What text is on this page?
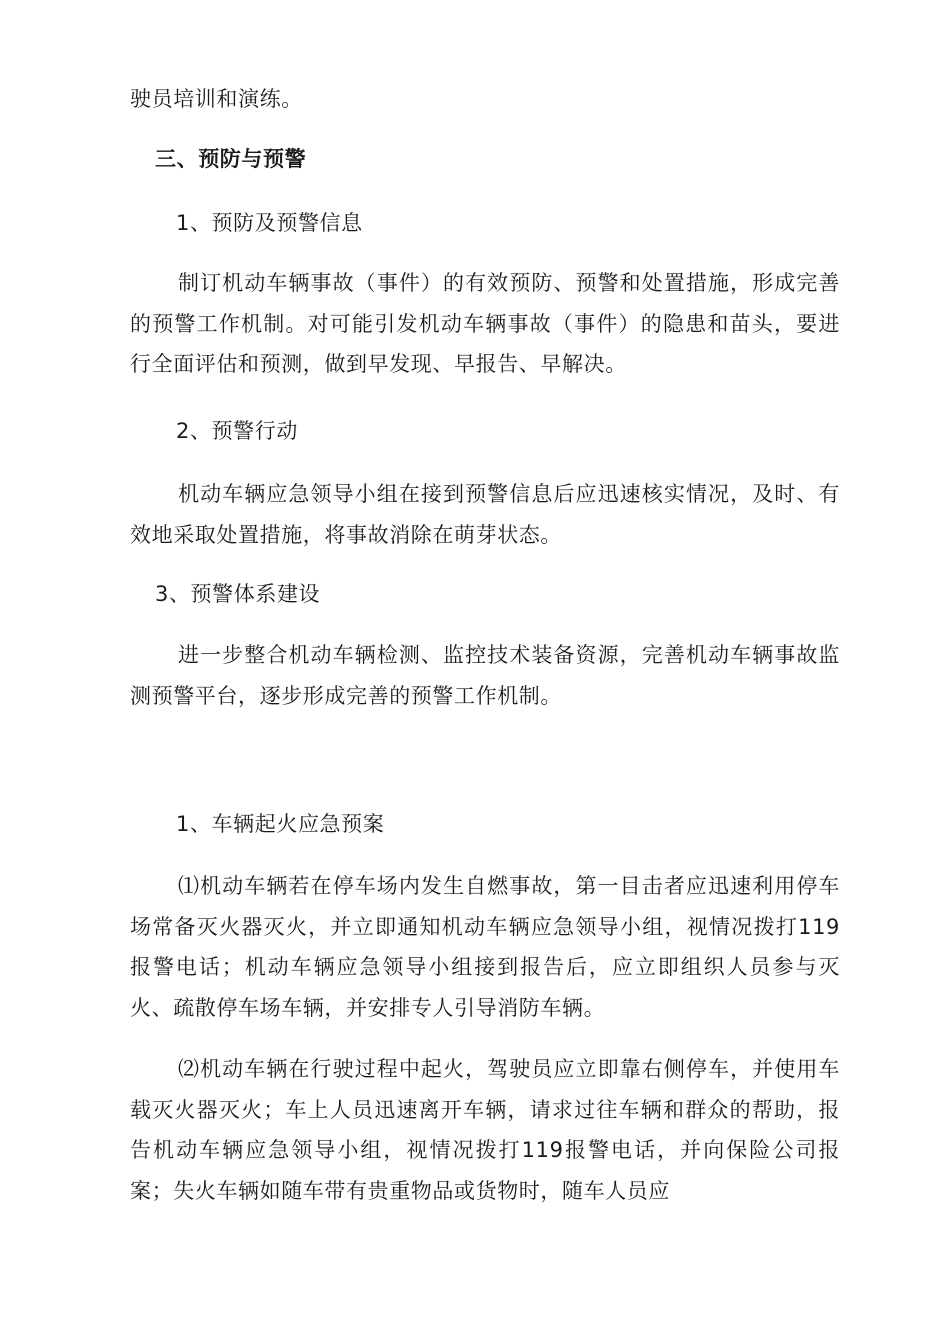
驶员培训和演练。
三、预防与预警
1、预防及预警信息
制订机动车辆事故（事件）的有效预防、预警和处置措施，形成完善的预警工作机制。对可能引发机动车辆事故（事件）的隐患和苗头，要进行全面评估和预测，做到早发现、早报告、早解决。
2、预警行动
机动车辆应急领导小组在接到预警信息后应迅速核实情况，及时、有效地采取处置措施，将事故消除在萌芽状态。
3、预警体系建设
进一步整合机动车辆检测、监控技术装备资源，完善机动车辆事故监测预警平台，逐步形成完善的预警工作机制。
1、车辆起火应急预案
⑴机动车辆若在停车场内发生自燃事故，第一目击者应迅速利用停车场常备灭火器灭火，并立即通知机动车辆应急领导小组，视情况拨打119报警电话；机动车辆应急领导小组接到报告后，应立即组织人员参与灭火、疏散停车场车辆，并安排专人引导消防车辆。
⑵机动车辆在行驶过程中起火，驾驶员应立即靠右侧停车，并使用车载灭火器灭火；车上人员迅速离开车辆，请求过往车辆和群众的帮助，报告机动车辆应急领导小组，视情况拨打119报警电话，并向保险公司报案；失火车辆如随车带有贵重物品或货物时，随车人员应
